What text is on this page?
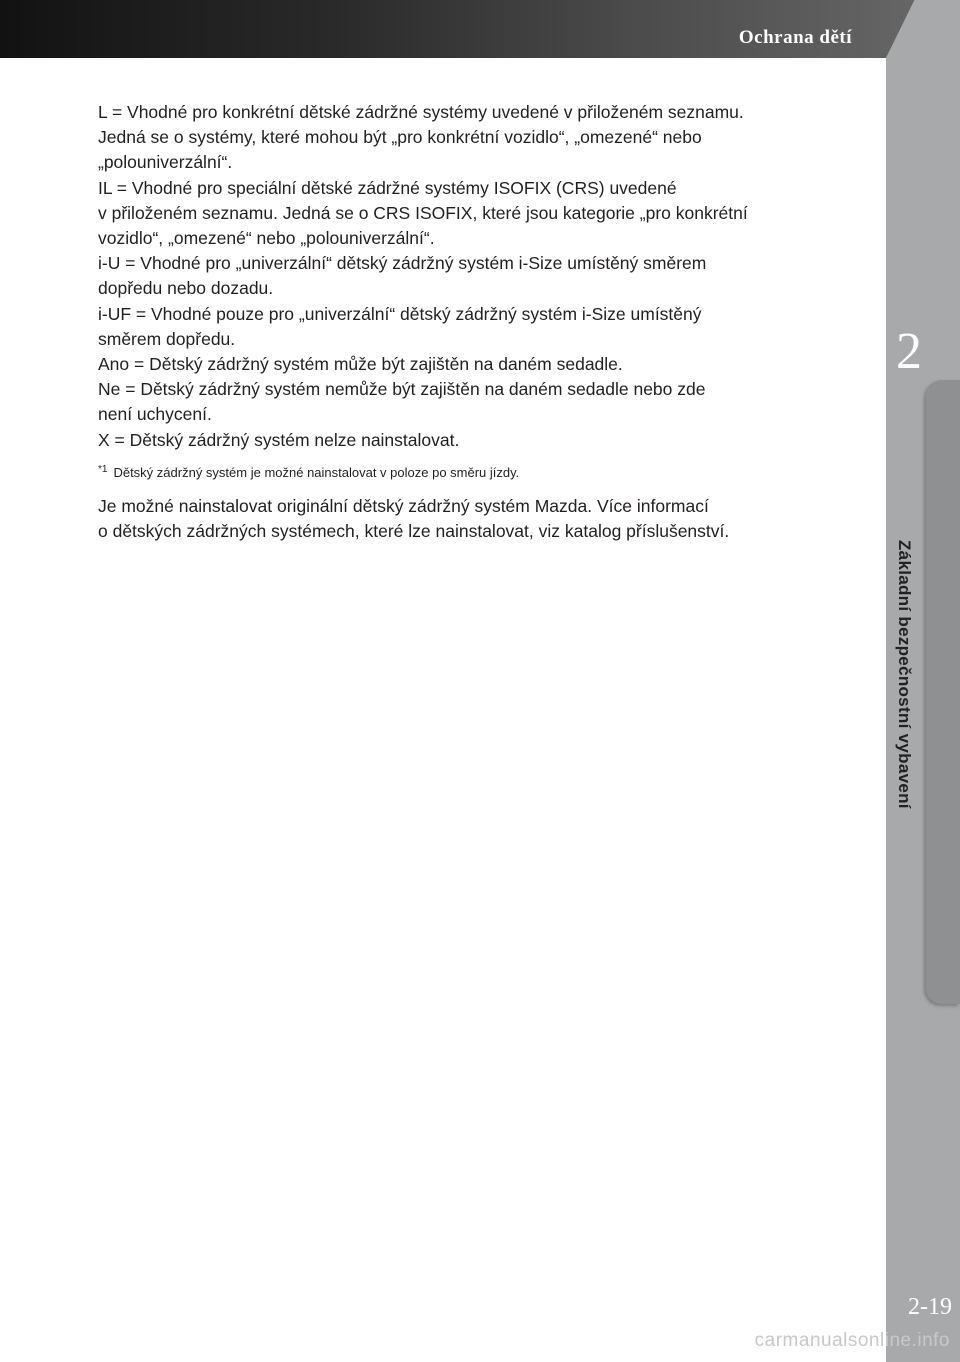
Ochrana dětí
2
Základní bezpečnostní vybavení
2-19
L = Vhodné pro konkrétní dětské zádržné systémy uvedené v přiloženém seznamu.
Jedná se o systémy, které mohou být „pro konkrétní vozidlo“, „omezené“ nebo
„polouniverzální“.
IL = Vhodné pro speciální dětské zádržné systémy ISOFIX (CRS) uvedené
v přiloženém seznamu. Jedná se o CRS ISOFIX, které jsou kategorie „pro konkrétní
vozidlo“, „omezené“ nebo „polouniverzální“.
i-U = Vhodné pro „univerzální“ dětský zádržný systém i-Size umístěný směrem
dopředu nebo dozadu.
i-UF = Vhodné pouze pro „univerzální“ dětský zádržný systém i-Size umístěný
směrem dopředu.
Ano = Dětský zádržný systém může být zajištěn na daném sedadle.
Ne = Dětský zádržný systém nemůže být zajištěn na daném sedadle nebo zde
není uchycení.
X = Dětský zádržný systém nelze nainstalovat.
$^{*1}$ Dětský zádržný systém je možné nainstalovat v poloze po směru jízdy.
Je možné nainstalovat originální dětský zádržný systém Mazda. Více informací
o dětských zádržných systémech, které lze nainstalovat, viz katalog příslušenství.
carmanualsonline.info
